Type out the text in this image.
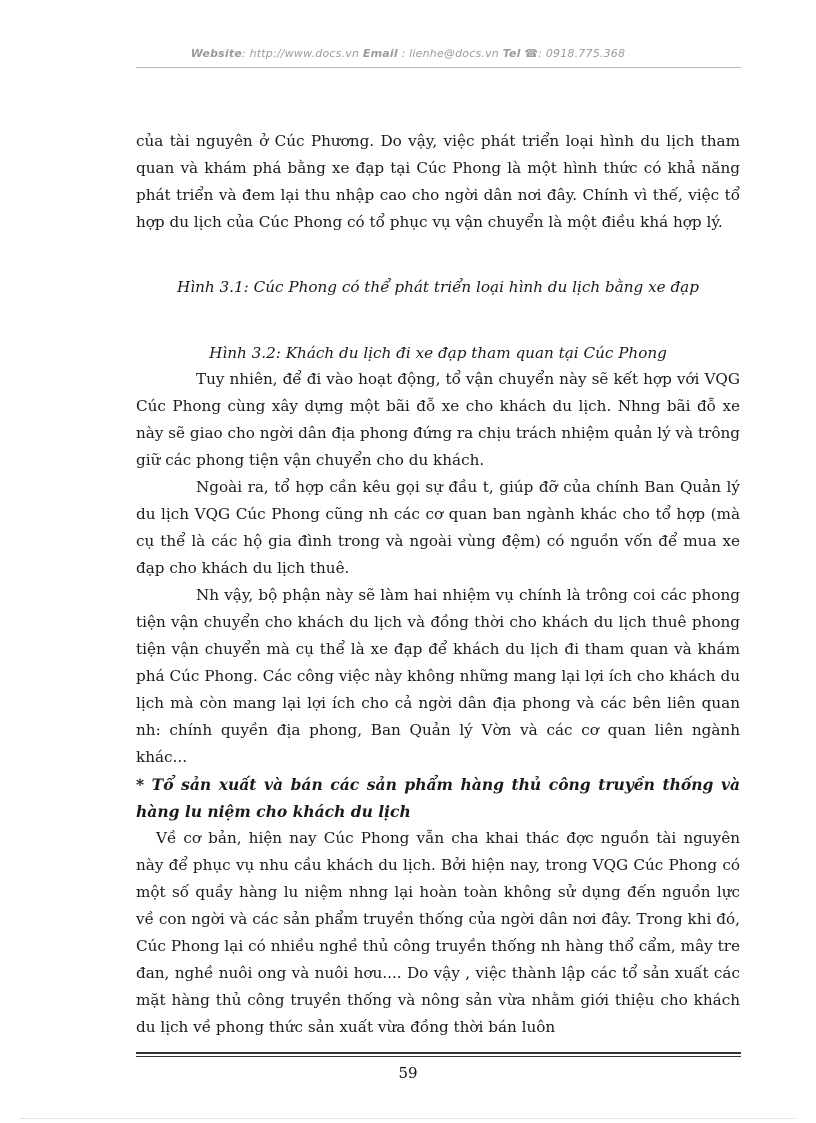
Website: http://www.docs.vn Email : lienhe@docs.vn Tel ☎: 0918.775.368

của tài nguyên ở Cúc Phương. Do vậy, việc phát triển loại hình du lịch tham quan và khám phá bằng xe đạp tại Cúc Phong là một hình thức có khả năng phát triển và đem lại thu nhập cao cho ngời dân nơi đây. Chính vì thế, việc tổ hợp du lịch của Cúc Phong có tổ phục vụ vận chuyển là một điều khá hợp lý.

Hình 3.1: Cúc Phong có thể phát triển loại hình du lịch bằng xe đạp

Hình 3.2: Khách du lịch đi xe đạp tham quan tại Cúc Phong

Tuy nhiên, để đi vào hoạt động, tổ vận chuyển này sẽ kết hợp với VQG Cúc Phong cùng xây dựng một bãi đỗ xe cho khách du lịch. Nhng bãi đỗ xe này sẽ giao cho ngời dân địa phong đứng ra chịu trách nhiệm quản lý và trông giữ các phong tiện vận chuyển cho du khách.

Ngoài ra, tổ hợp cần kêu gọi sự đầu t, giúp đỡ của chính Ban Quản lý du lịch VQG Cúc Phong cũng nh các cơ quan ban ngành khác cho tổ hợp (mà cụ thể là các hộ gia đình trong và ngoài vùng đệm) có nguồn vốn để mua xe đạp cho khách du lịch thuê.

Nh vậy, bộ phận này sẽ làm hai nhiệm vụ chính là trông coi các phong tiện vận chuyển cho khách du lịch và đồng thời cho khách du lịch thuê phong tiện vận chuyển mà cụ thể là xe đạp để khách du lịch đi tham quan và khám phá Cúc Phong. Các công việc này không những mang lại lợi ích cho khách du lịch mà còn mang lại lợi ích cho cả ngời dân địa phong và các bên liên quan nh: chính quyền địa phong, Ban Quản lý Vờn và các cơ quan liên ngành khác...

* Tổ sản xuất và bán các sản phẩm hàng thủ công truyền thống và hàng lu niệm cho khách du lịch

Về cơ bản, hiện nay Cúc Phong vẫn cha khai thác đợc nguồn tài nguyên này để phục vụ nhu cầu khách du lịch. Bởi hiện nay, trong VQG Cúc Phong có một số quầy hàng lu niệm nhng lại hoàn toàn không sử dụng đến nguồn lực về con ngời và các sản phẩm truyền thống của ngời dân nơi đây. Trong khi đó, Cúc Phong lại có nhiều nghề thủ công truyền thống nh hàng thổ cẩm, mây tre đan, nghề nuôi ong và nuôi hơu.... Do vậy , việc thành lập các tổ sản xuất các mặt hàng thủ công truyền thống và nông sản vừa nhằm giới thiệu cho khách du lịch về phong thức sản xuất vừa đồng thời bán luôn

59
